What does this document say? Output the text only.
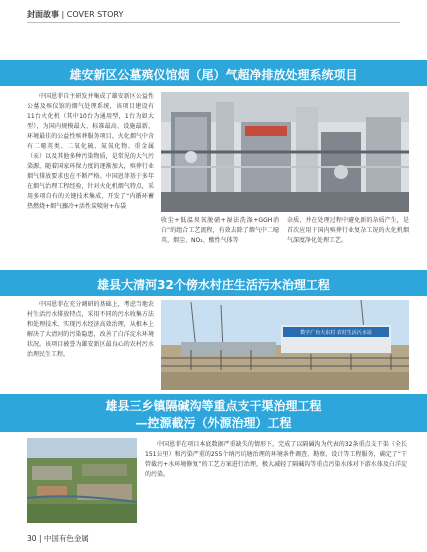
封面故事 | COVER STORY
雄安新区公墓殡仪馆烟（尾）气超净排放处理系统项目
中国恩菲自主研发并集成了雄安新区公益性公墓及殡仪馆的烟气处理系统，该项目建设有11台火化机（其中10台为通用型，1台为如大型），为国内规模最大、标准最高、设施最新、环境最佳的公益性殡葬服务项目。火化烟气中含有二噁英类、二氧化硫、氮氧化物、重金属（汞）以及其他多种污染物质，是常见的大气污染源，随着国家环保力度的逐渐加大，殡葬行业烟气排放要求也在不断严格。中国恩菲基于多年在烟气治理工程经验，针对火化机烟气特点，采用多项自有的关键技术集成，开发了“内循环蓄热燃烧+烟气骤冷+活性炭喷射+布袋
收尘+低温臭氧脱硝+湿法洗涤+GGH消白”的组合工艺流程，有效去除了烟气中二噁英、烟尘、NO₂、酸性气体等
杂质，并在处理过程中避免新的杂质产生，是首次应用于国内殡葬行业复杂工况的火化机烟气深度净化处理工艺。
雄县大清河32个傍水村庄生活污水治理工程
中国恩菲在充分调研的基础上，考虑当地农村生活污水排放特点，采用不同的污水收集方法和处理技术，实现污水经济高效治理，从根本上解决了大清河的污染隐患，改善了白洋淀水环境状况。该项目被誉为雄安新区最良心的农村污水治理民生工程。
数字广台大东村 农村生活污水站
雄县三乡镇隔碱沟等重点支干渠治理工程
—控源截污（外源治理）工程
中国恩菲在项目本底数据严重缺失的情形下，完成了以隔碱沟为代表的32条重点支干渠（全长151公里）和污染严重的255个纳污坑塘治理的环境条件调查、勘察、设计等工程服务，确定了“干管截污+水环境修复”的工艺方案进行治理，极大减轻了隔碱沟等重点污染水体对下游水体及白洋淀的污染。
30 | 中国有色金属
